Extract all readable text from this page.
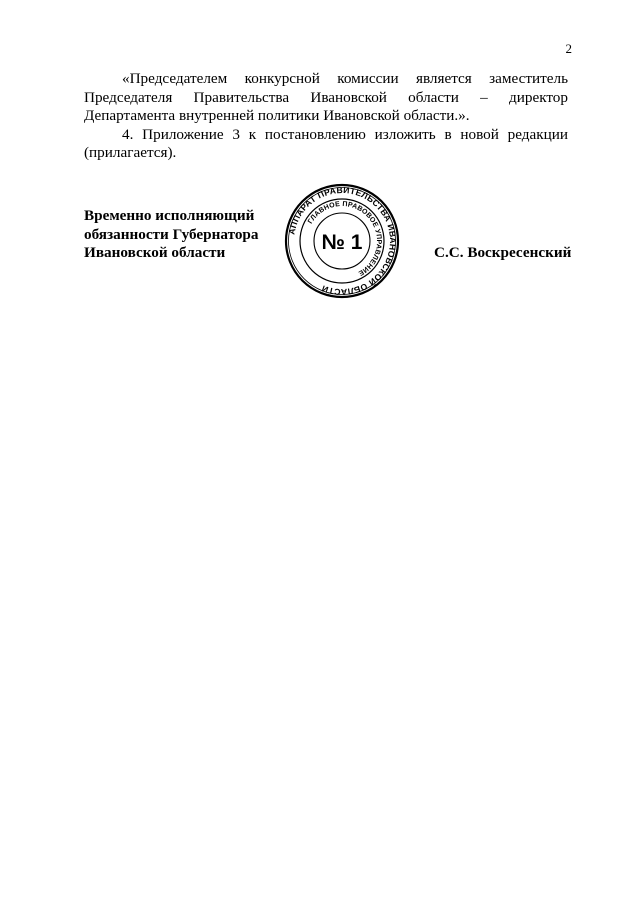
2

«Председателем конкурсной комиссии является заместитель Председателя Правительства Ивановской области – директор Департамента внутренней политики Ивановской области.».

4. Приложение 3 к постановлению изложить в новой редакции (прилагается).

Временно исполняющий
обязанности Губернатора
Ивановской области
АППАРАТ ПРАВИТЕЛЬСТВА ИВАНОВСКОЙ ОБЛАСТИ
ГЛАВНОЕ ПРАВОВОЕ УПРАВЛЕНИЕ
№ 1	С.С. Воскресенский
